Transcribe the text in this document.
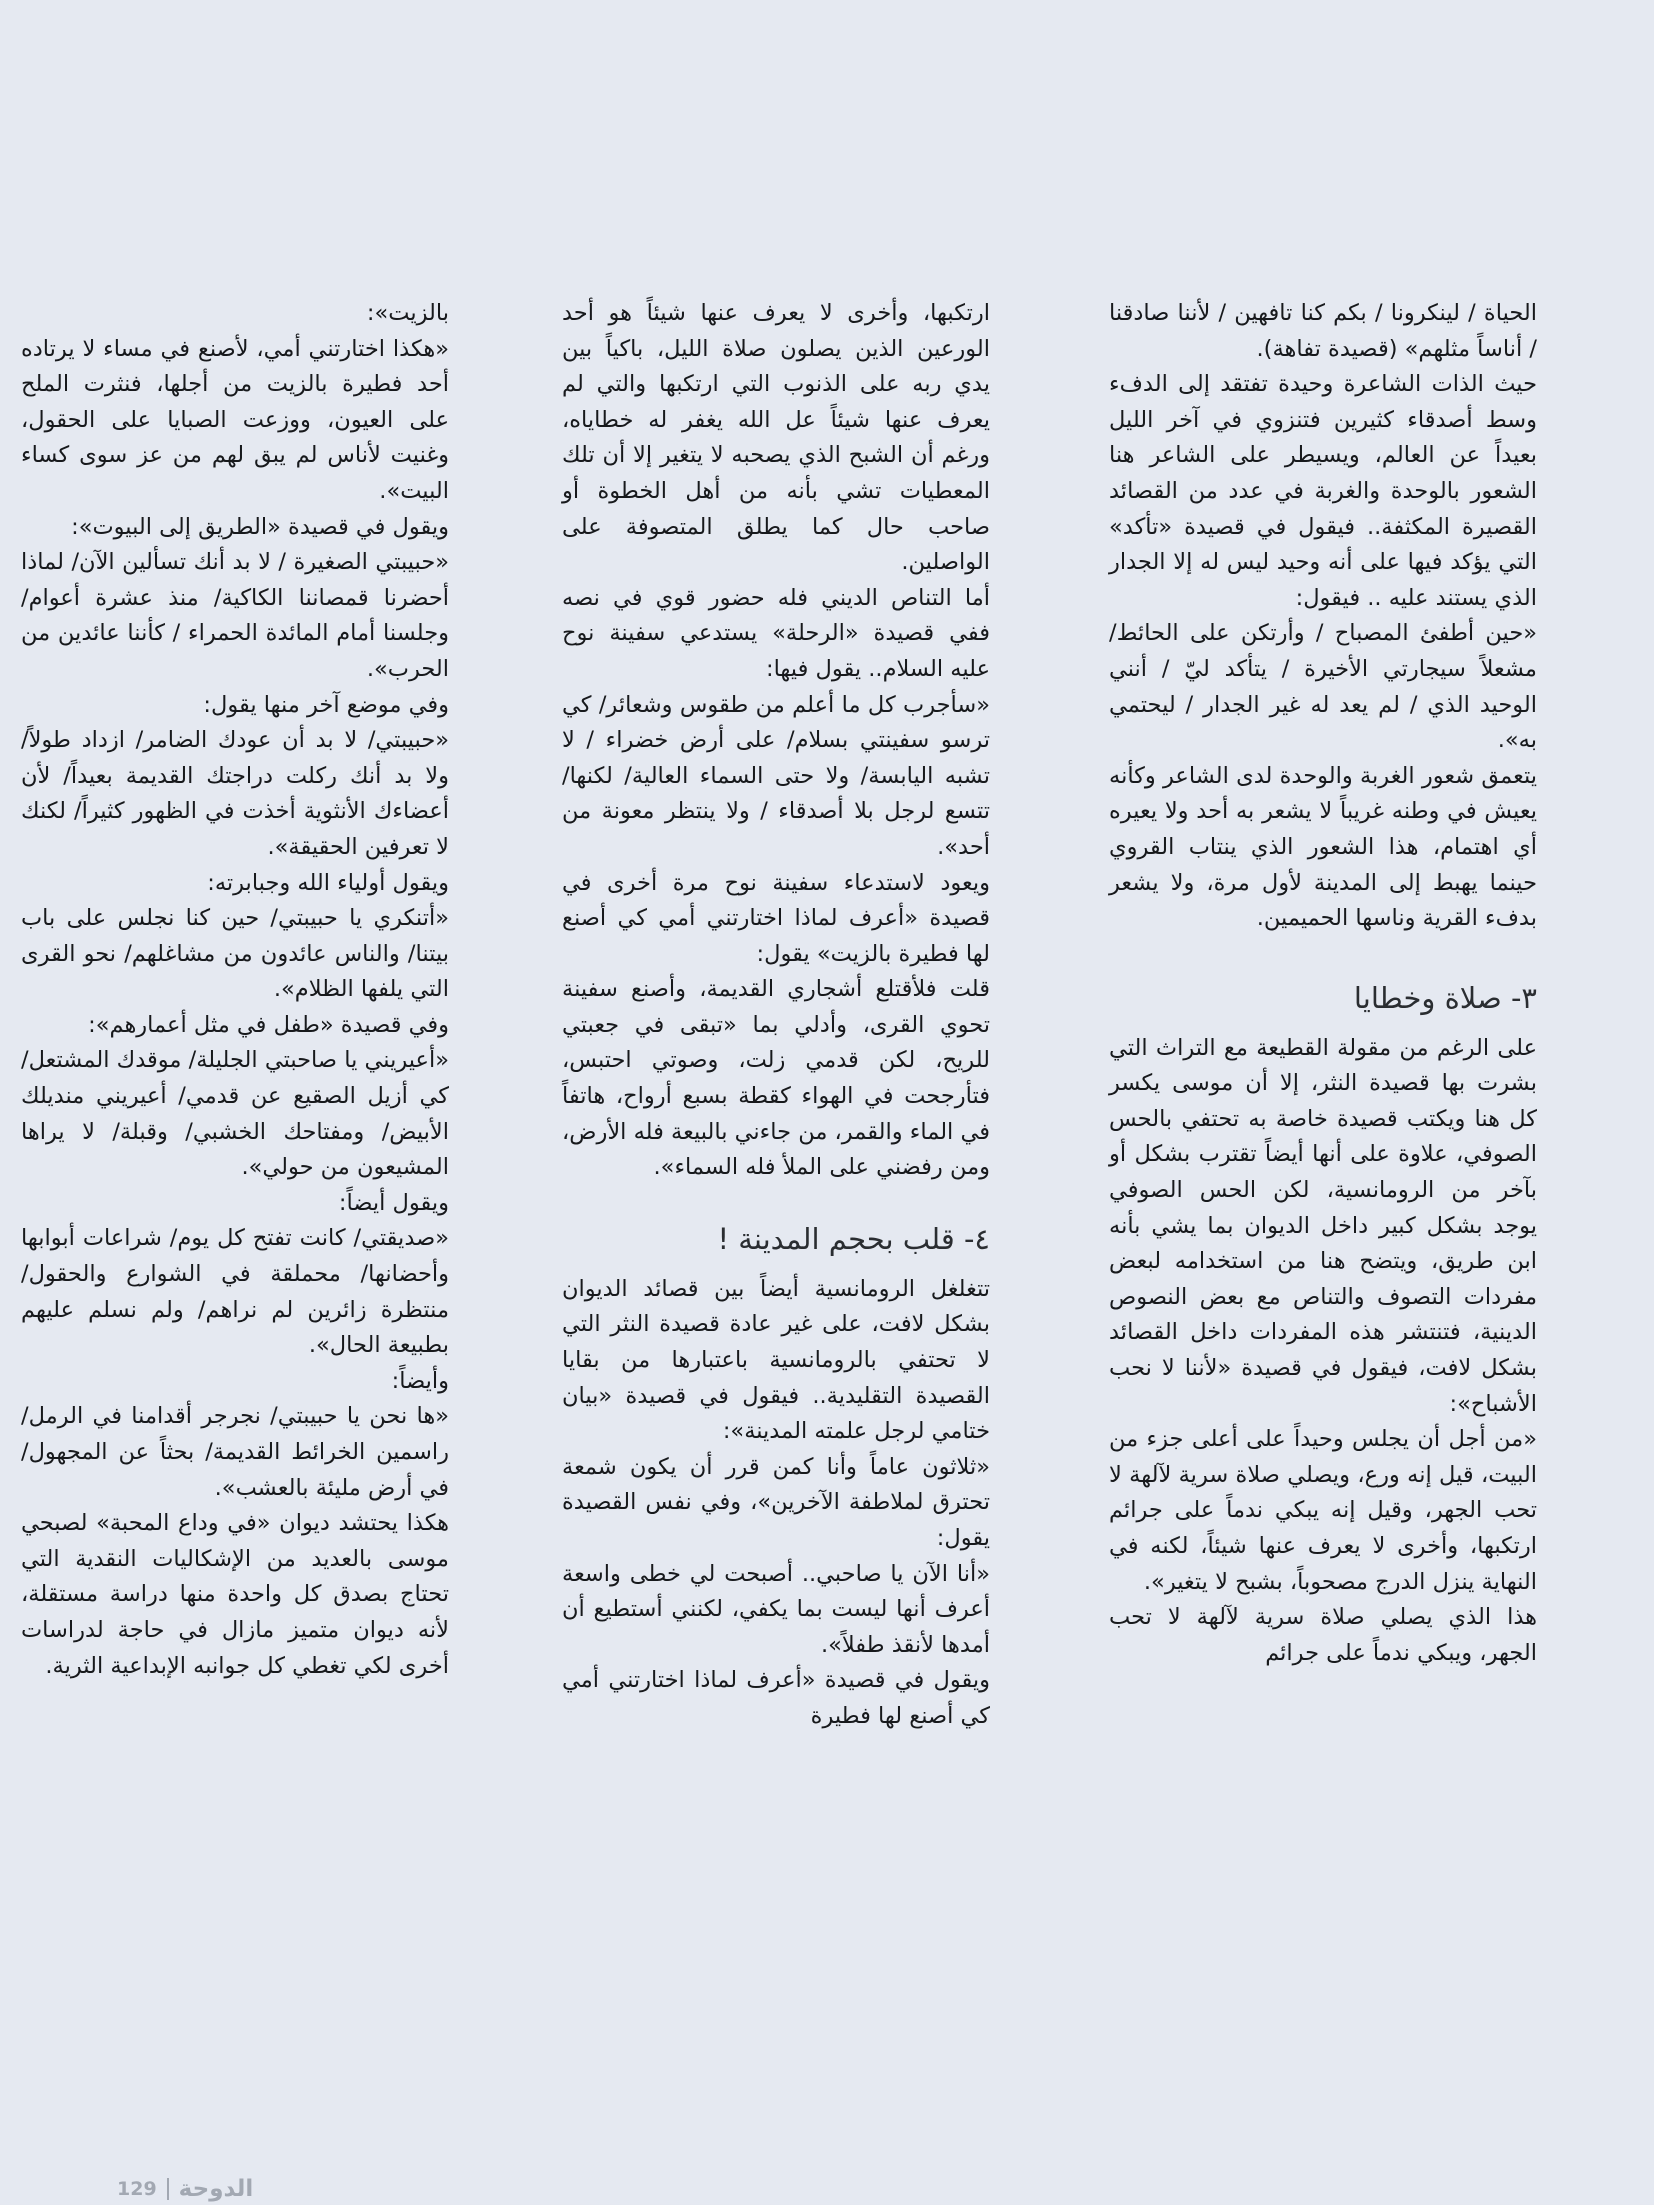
الحياة / لينكرونا / بكم كنا تافهين / لأننا صادقنا / أناساً مثلهم» (قصيدة تفاهة).

حيث الذات الشاعرة وحيدة تفتقد إلى الدفء وسط أصدقاء كثيرين فتنزوي في آخر الليل بعيداً عن العالم، ويسيطر على الشاعر هنا الشعور بالوحدة والغربة في عدد من القصائد القصيرة المكثفة.. فيقول في قصيدة «تأكد» التي يؤكد فيها على أنه وحيد ليس له إلا الجدار الذي يستند عليه .. فيقول:

«حين أطفئ المصباح / وأرتكن على الحائط/ مشعلاً سيجارتي الأخيرة / يتأكد ليّ / أنني الوحيد الذي / لم يعد له غير الجدار / ليحتمي به».

يتعمق شعور الغربة والوحدة لدى الشاعر وكأنه يعيش في وطنه غريباً لا يشعر به أحد ولا يعيره أي اهتمام، هذا الشعور الذي ينتاب القروي حينما يهبط إلى المدينة لأول مرة، ولا يشعر بدفء القرية وناسها الحميمين.

٣- صلاة وخطايا

على الرغم من مقولة القطيعة مع التراث التي بشرت بها قصيدة النثر، إلا أن موسى يكسر كل هنا ويكتب قصيدة خاصة به تحتفي بالحس الصوفي، علاوة على أنها أيضاً تقترب بشكل أو بآخر من الرومانسية، لكن الحس الصوفي يوجد بشكل كبير داخل الديوان بما يشي بأنه ابن طريق، ويتضح هنا من استخدامه لبعض مفردات التصوف والتناص مع بعض النصوص الدينية، فتنتشر هذه المفردات داخل القصائد بشكل لافت، فيقول في قصيدة «لأننا لا نحب الأشباح»:

«من أجل أن يجلس وحيداً على أعلى جزء من البيت، قيل إنه ورع، ويصلي صلاة سرية لآلهة لا تحب الجهر، وقيل إنه يبكي ندماً على جرائم ارتكبها، وأخرى لا يعرف عنها شيئاً، لكنه في النهاية ينزل الدرج مصحوباً، بشبح لا يتغير».

هذا الذي يصلي صلاة سرية لآلهة لا تحب الجهر، ويبكي ندماً على جرائم

ارتكبها، وأخرى لا يعرف عنها شيئاً هو أحد الورعين الذين يصلون صلاة الليل، باكياً بين يدي ربه على الذنوب التي ارتكبها والتي لم يعرف عنها شيئاً عل الله يغفر له خطاياه، ورغم أن الشبح الذي يصحبه لا يتغير إلا أن تلك المعطيات تشي بأنه من أهل الخطوة أو صاحب حال كما يطلق المتصوفة على الواصلين.

أما التناص الديني فله حضور قوي في نصه ففي قصيدة «الرحلة» يستدعي سفينة نوح عليه السلام.. يقول فيها:

«سأجرب كل ما أعلم من طقوس وشعائر/ كي ترسو سفينتي بسلام/ على أرض خضراء / لا تشبه اليابسة/ ولا حتى السماء العالية/ لكنها/ تتسع لرجل بلا أصدقاء / ولا ينتظر معونة من أحد».

ويعود لاستدعاء سفينة نوح مرة أخرى في قصيدة «أعرف لماذا اختارتني أمي كي أصنع لها فطيرة بالزيت» يقول:

قلت فلأقتلع أشجاري القديمة، وأصنع سفينة تحوي القرى، وأدلي بما «تبقى في جعبتي للريح، لكن قدمي زلت، وصوتي احتبس، فتأرجحت في الهواء كقطة بسبع أرواح، هاتفاً في الماء والقمر، من جاءني بالبيعة فله الأرض، ومن رفضني على الملأ فله السماء».

٤- قلب بحجم المدينة !

تتغلغل الرومانسية أيضاً بين قصائد الديوان بشكل لافت، على غير عادة قصيدة النثر التي لا تحتفي بالرومانسية باعتبارها من بقايا القصيدة التقليدية.. فيقول في قصيدة «بيان ختامي لرجل علمته المدينة»:

«ثلاثون عاماً وأنا كمن قرر أن يكون شمعة تحترق لملاطفة الآخرين»، وفي نفس القصيدة يقول:

«أنا الآن يا صاحبي.. أصبحت لي خطى واسعة أعرف أنها ليست بما يكفي، لكنني أستطيع أن أمدها لأنقذ طفلاً».

ويقول في قصيدة «أعرف لماذا اختارتني أمي كي أصنع لها فطيرة

بالزيت»:

«هكذا اختارتني أمي، لأصنع في مساء لا يرتاده أحد فطيرة بالزيت من أجلها، فنثرت الملح على العيون، ووزعت الصبايا على الحقول، وغنيت لأناس لم يبق لهم من عز سوى كساء البيت».

ويقول في قصيدة «الطريق إلى البيوت»:

«حبيبتي الصغيرة / لا بد أنك تسألين الآن/ لماذا أحضرنا قمصاننا الكاكية/ منذ عشرة أعوام/ وجلسنا أمام المائدة الحمراء / كأننا عائدين من الحرب».

وفي موضع آخر منها يقول:

«حبيبتي/ لا بد أن عودك الضامر/ ازداد طولاً/ ولا بد أنك ركلت دراجتك القديمة بعيداً/ لأن أعضاءك الأنثوية أخذت في الظهور كثيراً/ لكنك لا تعرفين الحقيقة».

ويقول أولياء الله وجبابرته:

«أتنكري يا حبيبتي/ حين كنا نجلس على باب بيتنا/ والناس عائدون من مشاغلهم/ نحو القرى التي يلفها الظلام».

وفي قصيدة «طفل في مثل أعمارهم»:

«أعيريني يا صاحبتي الجليلة/ موقدك المشتعل/ كي أزيل الصقيع عن قدمي/ أعيريني منديلك الأبيض/ ومفتاحك الخشبي/ وقبلة/ لا يراها المشيعون من حولي».

ويقول أيضاً:

«صديقتي/ كانت تفتح كل يوم/ شراعات أبوابها وأحضانها/ محملقة في الشوارع والحقول/ منتظرة زائرين لم نراهم/ ولم نسلم عليهم بطبيعة الحال».

وأيضاً:

«ها نحن يا حبيبتي/ نجرجر أقدامنا في الرمل/ راسمين الخرائط القديمة/ بحثاً عن المجهول/ في أرض مليئة بالعشب».

هكذا يحتشد ديوان «في وداع المحبة» لصبحي موسى بالعديد من الإشكاليات النقدية التي تحتاج بصدق كل واحدة منها دراسة مستقلة، لأنه ديوان متميز مازال في حاجة لدراسات أخرى لكي تغطي كل جوانبه الإبداعية الثرية.

129 الدوحة
